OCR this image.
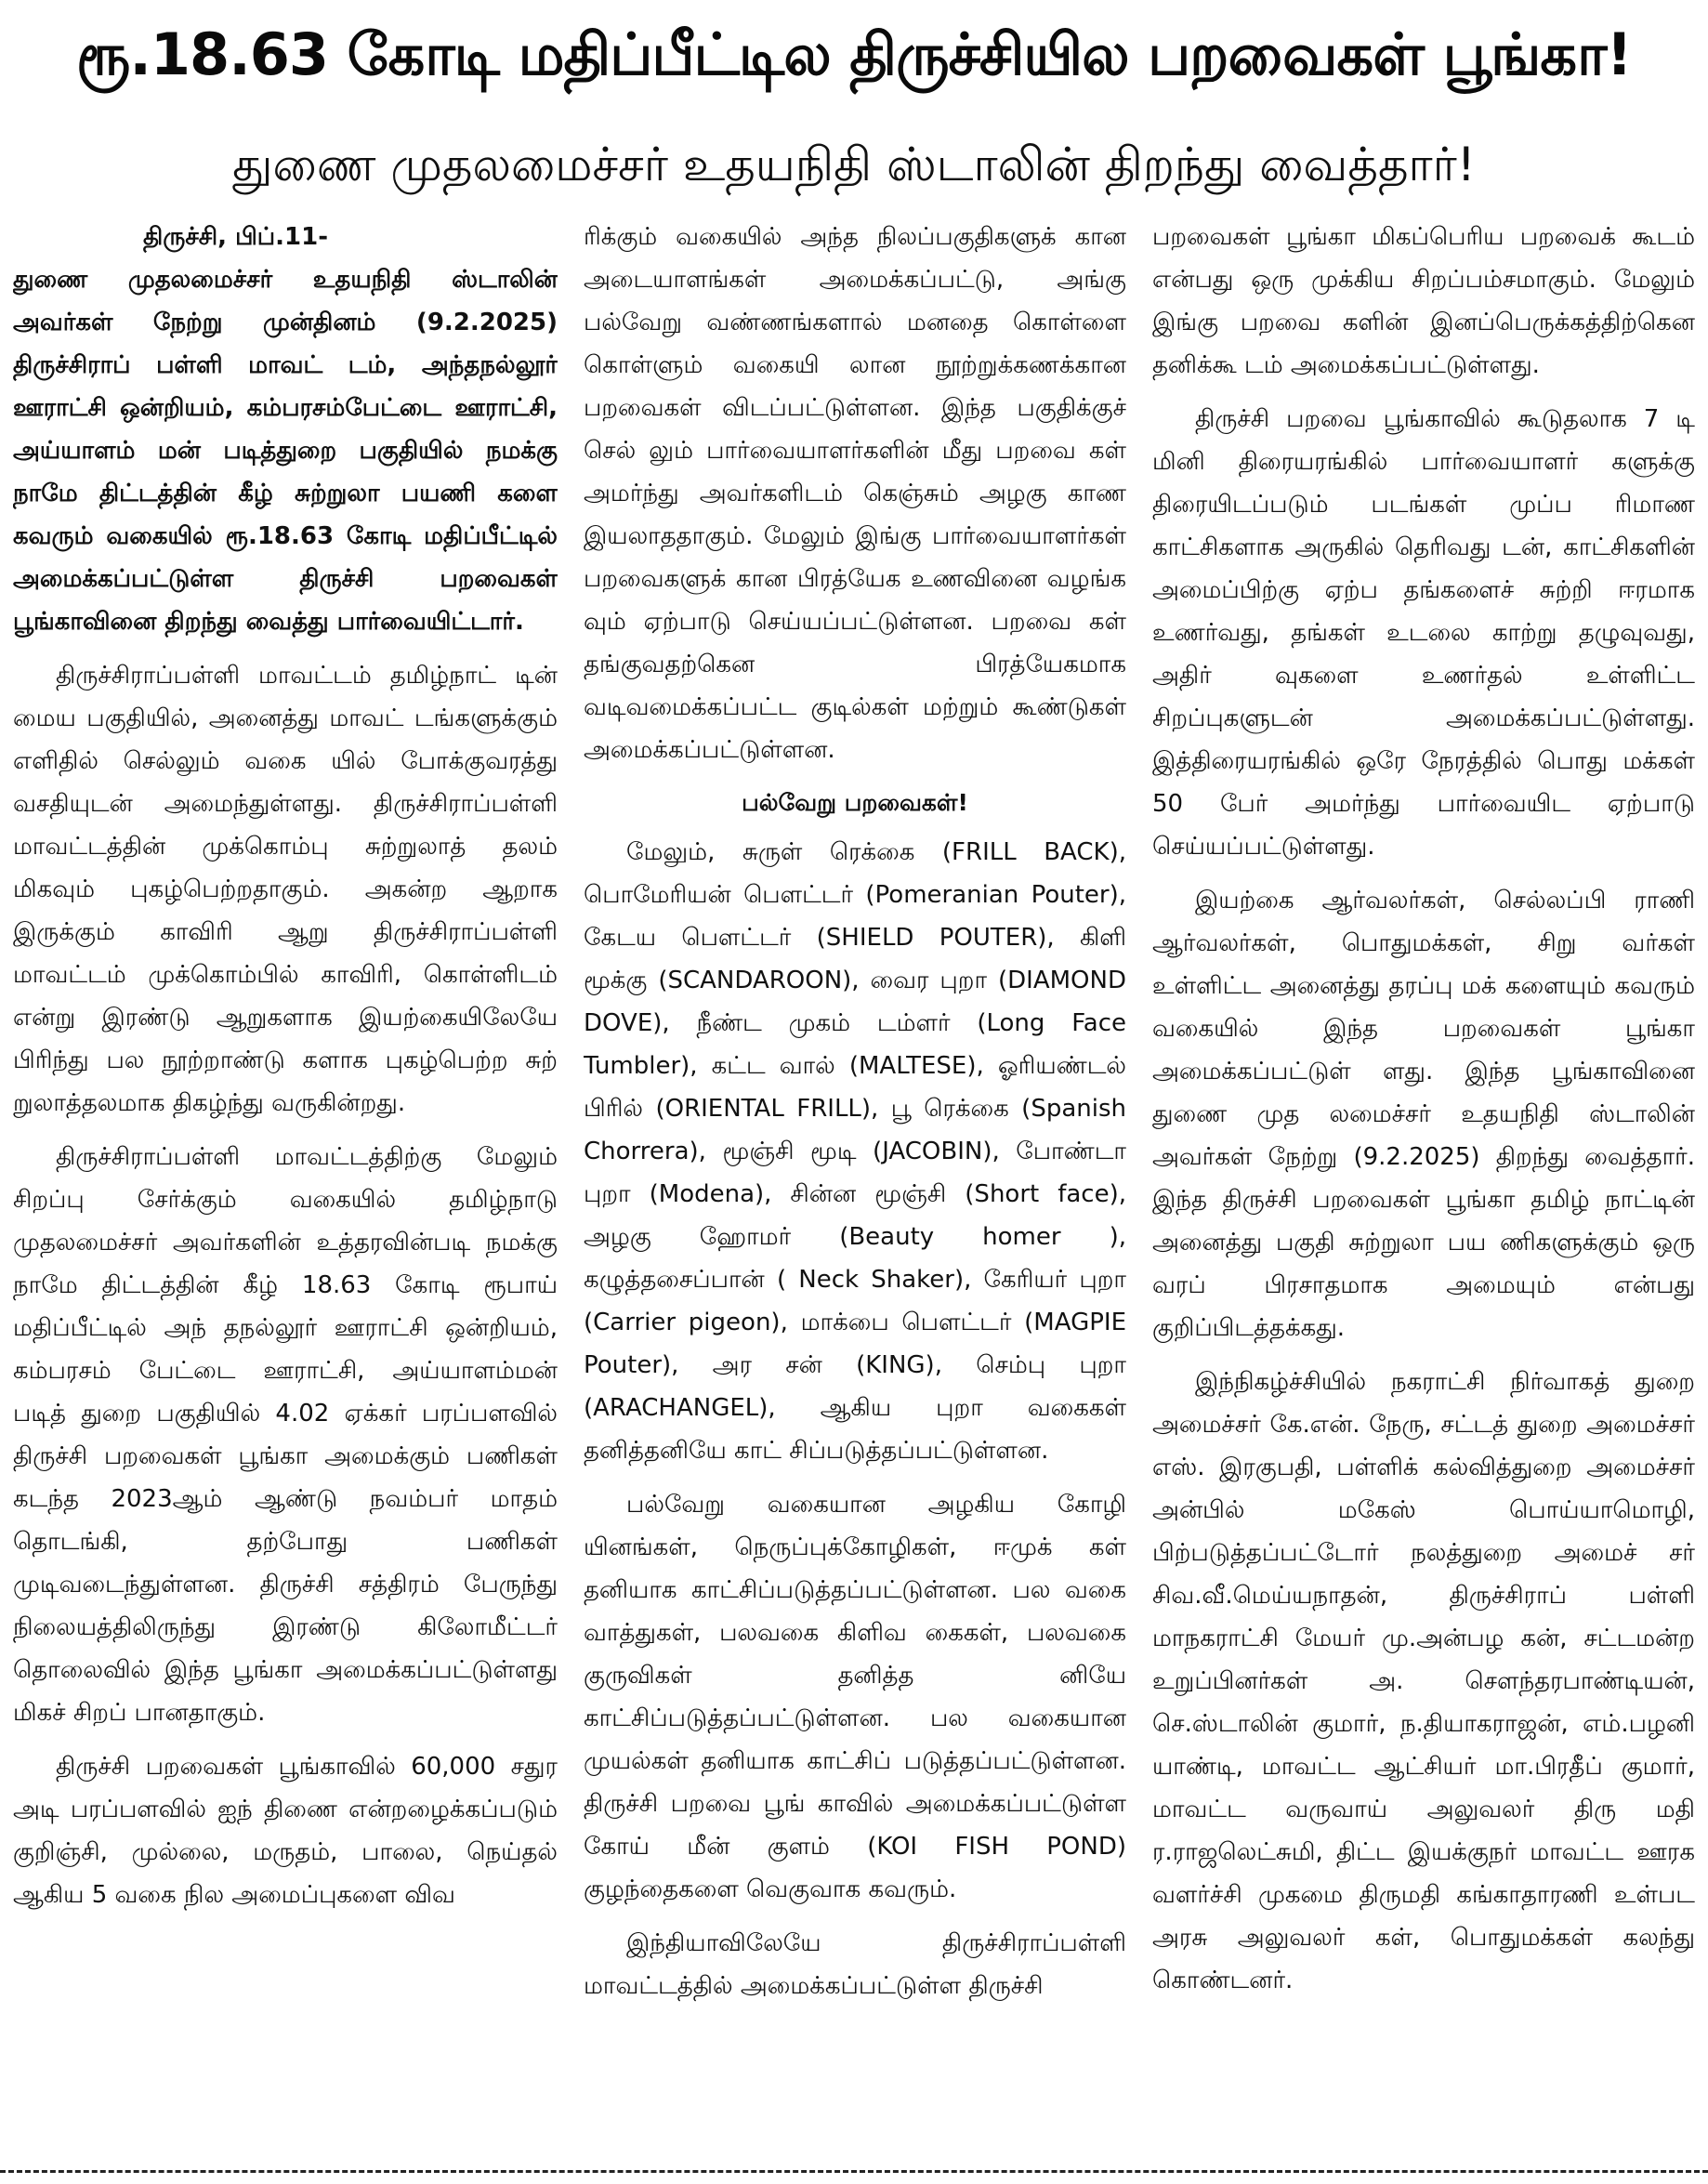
ரூ.18.63 கோடி மதிப்பீட்டில திருச்சியில பறவைகள் பூங்கா!
துணை முதலமைச்சர் உதயநிதி ஸ்டாலின் திறந்து வைத்தார்!

திருச்சி, பிப்.11-

துணை முதலமைச்சர் உதயநிதி ஸ்டாலின் அவர்கள் நேற்று முன்தினம் (9.2.2025) திருச்சிராப் பள்ளி மாவட் டம், அந்தநல்லூர் ஊராட்சி ஒன்றியம், கம்பரசம்பேட்டை ஊராட்சி, அய்யாளம் மன் படித்துறை பகுதியில் நமக்கு நாமே திட்டத்தின் கீழ் சுற்றுலா பயணி களை கவரும் வகையில் ரூ.18.63 கோடி மதிப்பீட்டில் அமைக்கப்பட்டுள்ள திருச்சி பறவைகள் பூங்காவினை திறந்து வைத்து பார்வையிட்டார்.

திருச்சிராப்பள்ளி மாவட்டம் தமிழ்நாட் டின் மைய பகுதியில், அனைத்து மாவட் டங்களுக்கும் எளிதில் செல்லும் வகை யில் போக்குவரத்து வசதியுடன் அமைந்துள்ளது. திருச்சிராப்பள்ளி மாவட்டத்தின் முக்கொம்பு சுற்றுலாத் தலம் மிகவும் புகழ்பெற்றதாகும். அகன்ற ஆறாக இருக்கும் காவிரி ஆறு திருச்சிராப்பள்ளி மாவட்டம் முக்கொம்பில் காவிரி, கொள்ளிடம் என்று இரண்டு ஆறுகளாக இயற்கையிலேயே பிரிந்து பல நூற்றாண்டு களாக புகழ்பெற்ற சுற் றுலாத்தலமாக திகழ்ந்து வருகின்றது.

திருச்சிராப்பள்ளி மாவட்டத்திற்கு மேலும் சிறப்பு சேர்க்கும் வகையில் தமிழ்நாடு முதலமைச்சர் அவர்களின் உத்தரவின்படி நமக்கு நாமே திட்டத்தின் கீழ் 18.63 கோடி ரூபாய் மதிப்பீட்டில் அந் தநல்லூர் ஊராட்சி ஒன்றியம், கம்பரசம் பேட்டை ஊராட்சி, அய்யாளம்மன் படித் துறை பகுதியில் 4.02 ஏக்கர் பரப்பளவில் திருச்சி பறவைகள் பூங்கா அமைக்கும் பணிகள் கடந்த 2023ஆம் ஆண்டு நவம்பர் மாதம் தொடங்கி, தற்போது பணிகள் முடிவடைந்துள்ளன. திருச்சி சத்திரம் பேருந்து நிலையத்திலிருந்து இரண்டு கிலோமீட்டர் தொலைவில் இந்த பூங்கா அமைக்கப்பட்டுள்ளது மிகச் சிறப் பானதாகும்.

திருச்சி பறவைகள் பூங்காவில் 60,000 சதுர அடி பரப்பளவில் ஐந் திணை என்றழைக்கப்படும் குறிஞ்சி, முல்லை, மருதம், பாலை, நெய்தல் ஆகிய 5 வகை நில அமைப்புகளை விவ

ரிக்கும் வகையில் அந்த நிலப்பகுதிகளுக் கான அடையாளங்கள் அமைக்கப்பட்டு, அங்கு பல்வேறு வண்ணங்களால் மனதை கொள்ளை கொள்ளும் வகையி லான நூற்றுக்கணக்கான பறவைகள் விடப்பட்டுள்ளன. இந்த பகுதிக்குச் செல் லும் பார்வையாளர்களின் மீது பறவை கள் அமர்ந்து அவர்களிடம் கெஞ்சும் அழகு காண இயலாததாகும். மேலும் இங்கு பார்வையாளர்கள் பறவைகளுக் கான பிரத்யேக உணவினை வழங்க வும் ஏற்பாடு செய்யப்பட்டுள்ளன. பறவை கள் தங்குவதற்கென பிரத்யேகமாக வடிவமைக்கப்பட்ட குடில்கள் மற்றும் கூண்டுகள் அமைக்கப்பட்டுள்ளன.

பல்வேறு பறவைகள்!

மேலும், சுருள் ரெக்கை (FRILL BACK), பொமேரியன் பௌட்டர் (Pomeranian Pouter), கேடய பௌட்டர் (SHIELD POUTER), கிளி மூக்கு (SCANDAROON), வைர புறா (DIAMOND DOVE), நீண்ட முகம் டம்ளர் (Long Face Tumbler), கட்ட வால் (MALTESE), ஓரியண்டல் பிரில் (ORIENTAL FRILL), பூ ரெக்கை (Spanish Chorrera), மூஞ்சி மூடி (JACOBIN), போண்டா புறா (Modena), சின்ன மூஞ்சி (Short face), அழகு ஹோமர் (Beauty homer ), கழுத்தசைப்பான் ( Neck Shaker), கேரியர் புறா (Carrier pigeon), மாக்பை பௌட்டர் (MAGPIE Pouter), அர சன் (KING), செம்பு புறா (ARACHANGEL), ஆகிய புறா வகைகள் தனித்தனியே காட் சிப்படுத்தப்பட்டுள்ளன.

பல்வேறு வகையான அழகிய கோழி யினங்கள், நெருப்புக்கோழிகள், ஈமுக் கள் தனியாக காட்சிப்படுத்தப்பட்டுள்ளன. பல வகை வாத்துகள், பலவகை கிளிவ கைகள், பலவகை குருவிகள் தனித்த னியே காட்சிப்படுத்தப்பட்டுள்ளன. பல வகையான முயல்கள் தனியாக காட்சிப் படுத்தப்பட்டுள்ளன. திருச்சி பறவை பூங் காவில் அமைக்கப்பட்டுள்ள கோய் மீன் குளம் (KOI FISH POND) குழந்தைகளை வெகுவாக கவரும்.

இந்தியாவிலேயே திருச்சிராப்பள்ளி மாவட்டத்தில் அமைக்கப்பட்டுள்ள திருச்சி

பறவைகள் பூங்கா மிகப்பெரிய பறவைக் கூடம் என்பது ஒரு முக்கிய சிறப்பம்சமாகும். மேலும் இங்கு பறவை களின் இனப்பெருக்கத்திற்கென தனிக்கூ டம் அமைக்கப்பட்டுள்ளது.

திருச்சி பறவை பூங்காவில் கூடுதலாக 7 டி மினி திரையரங்கில் பார்வையாளர் களுக்கு திரையிடப்படும் படங்கள் முப்ப ரிமாண காட்சிகளாக அருகில் தெரிவது டன், காட்சிகளின் அமைப்பிற்கு ஏற்ப தங்களைச் சுற்றி ஈரமாக உணர்வது, தங்கள் உடலை காற்று தழுவுவது, அதிர் வுகளை உணர்தல் உள்ளிட்ட சிறப்புகளுடன் அமைக்கப்பட்டுள்ளது. இத்திரையரங்கில் ஒரே நேரத்தில் பொது மக்கள் 50 பேர் அமர்ந்து பார்வையிட ஏற்பாடு செய்யப்பட்டுள்ளது.

இயற்கை ஆர்வலர்கள், செல்லப்பி ராணி ஆர்வலர்கள், பொதுமக்கள், சிறு வர்கள் உள்ளிட்ட அனைத்து தரப்பு மக் களையும் கவரும் வகையில் இந்த பறவைகள் பூங்கா அமைக்கப்பட்டுள் ளது. இந்த பூங்காவினை துணை முத லமைச்சர் உதயநிதி ஸ்டாலின் அவர்கள் நேற்று (9.2.2025) திறந்து வைத்தார். இந்த திருச்சி பறவைகள் பூங்கா தமிழ் நாட்டின் அனைத்து பகுதி சுற்றுலா பய ணிகளுக்கும் ஒரு வரப் பிரசாதமாக அமையும் என்பது குறிப்பிடத்தக்கது.

இந்நிகழ்ச்சியில் நகராட்சி நிர்வாகத் துறை அமைச்சர் கே.என். நேரு, சட்டத் துறை அமைச்சர் எஸ். இரகுபதி, பள்ளிக் கல்வித்துறை அமைச்சர் அன்பில் மகேஸ் பொய்யாமொழி, பிற்படுத்தப்பட்டோர் நலத்துறை அமைச் சர் சிவ.வீ.மெய்யநாதன், திருச்சிராப் பள்ளி மாநகராட்சி மேயர் மு.அன்பழ கன், சட்டமன்ற உறுப்பினர்கள் அ. சௌந்தரபாண்டியன், செ.ஸ்டாலின் குமார், ந.தியாகராஜன், எம்.பழனி யாண்டி, மாவட்ட ஆட்சியர் மா.பிரதீப் குமார், மாவட்ட வருவாய் அலுவலர் திரு மதி ர.ராஜலெட்சுமி, திட்ட இயக்குநர் மாவட்ட ஊரக வளர்ச்சி முகமை திருமதி கங்காதாரணி உள்பட அரசு அலுவலர் கள், பொதுமக்கள் கலந்து கொண்டனர்.
